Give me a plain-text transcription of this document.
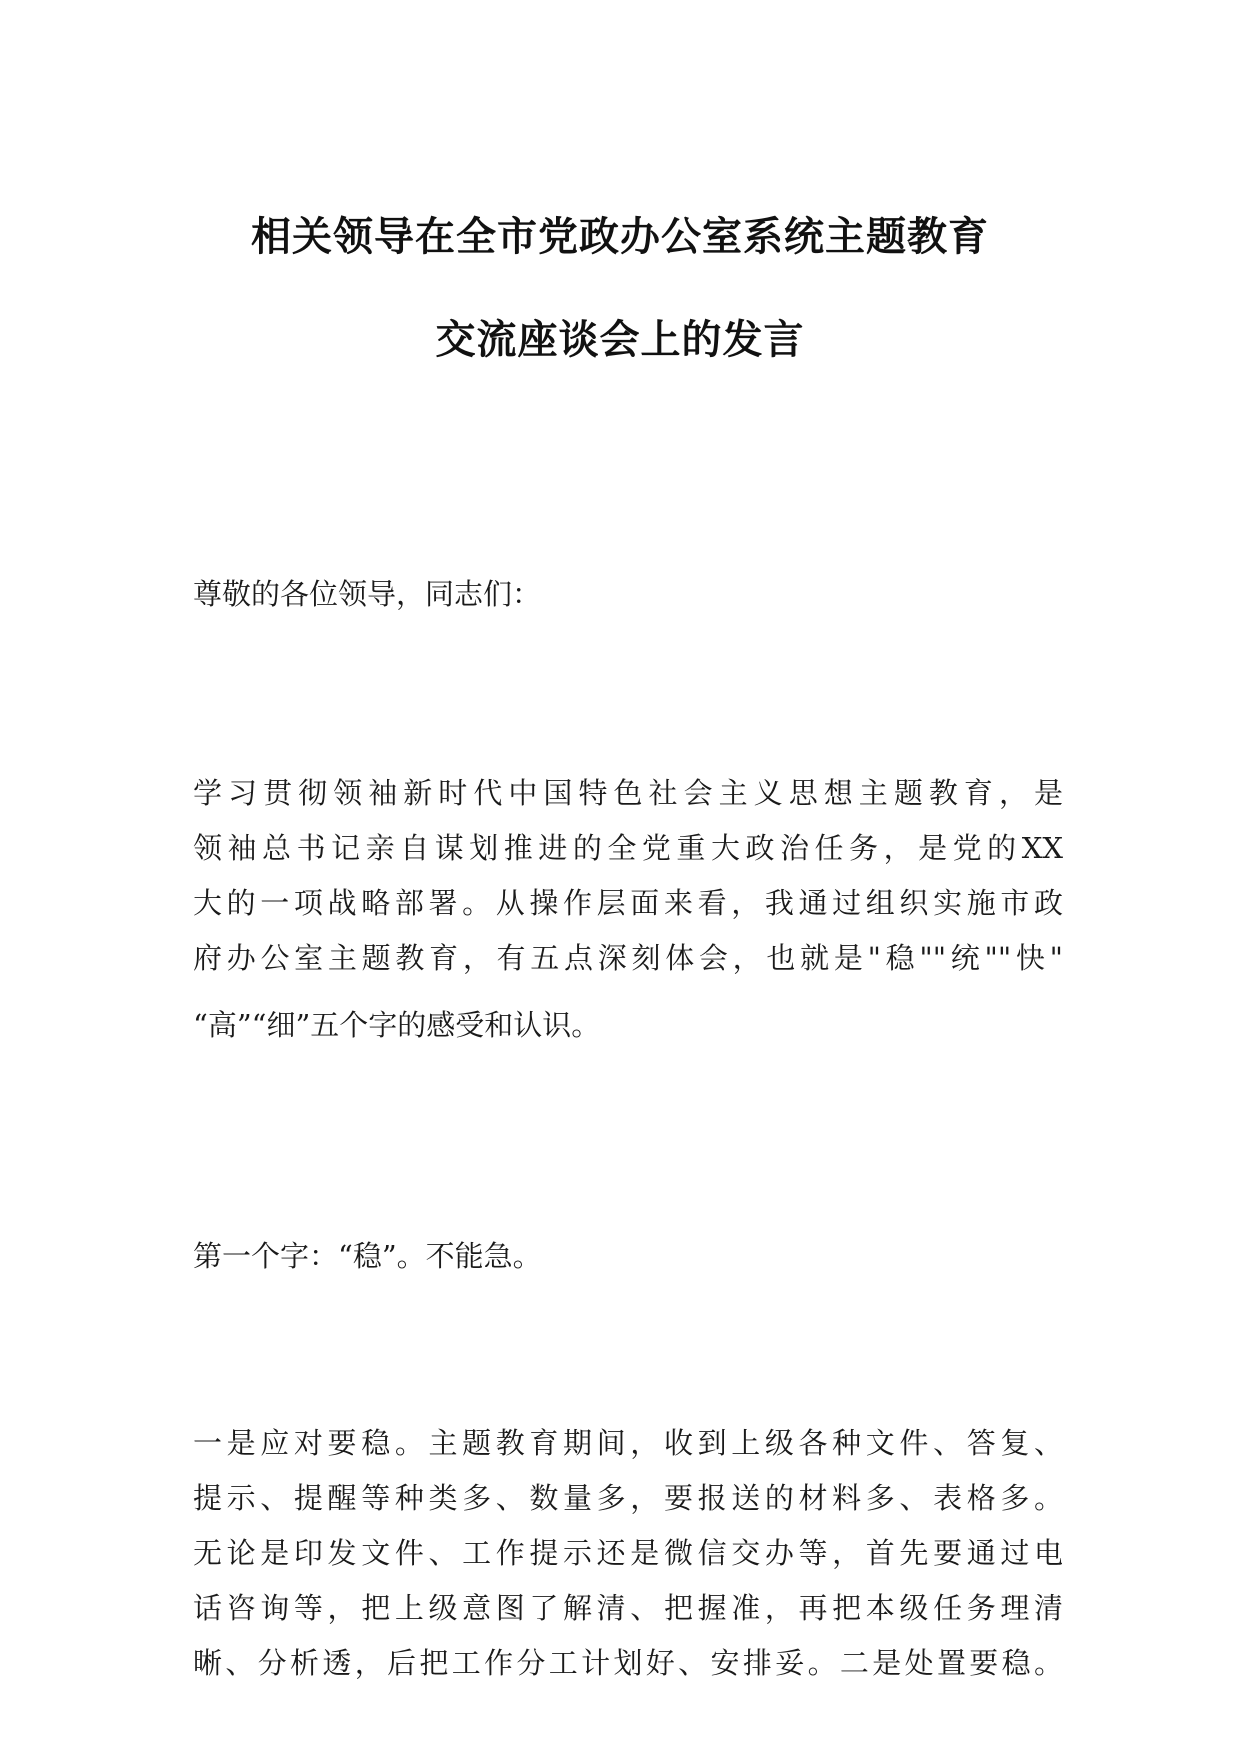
相关领导在全市党政办公室系统主题教育
交流座谈会上的发言
尊敬的各位领导，同志们：
学习贯彻领袖新时代中国特色社会主义思想主题教育，是
领袖总书记亲自谋划推进的全党重大政治任务，是党的XX
大的一项战略部署。从操作层面来看，我通过组织实施市政
府办公室主题教育，有五点深刻体会，也就是"稳""统""快"
“高”“细”五个字的感受和认识。
第一个字：“稳”。不能急。
一是应对要稳。主题教育期间，收到上级各种文件、答复、
提示、提醒等种类多、数量多，要报送的材料多、表格多。
无论是印发文件、工作提示还是微信交办等，首先要通过电
话咨询等，把上级意图了解清、把握准，再把本级任务理清
晰、分析透，后把工作分工计划好、安排妥。二是处置要稳。
